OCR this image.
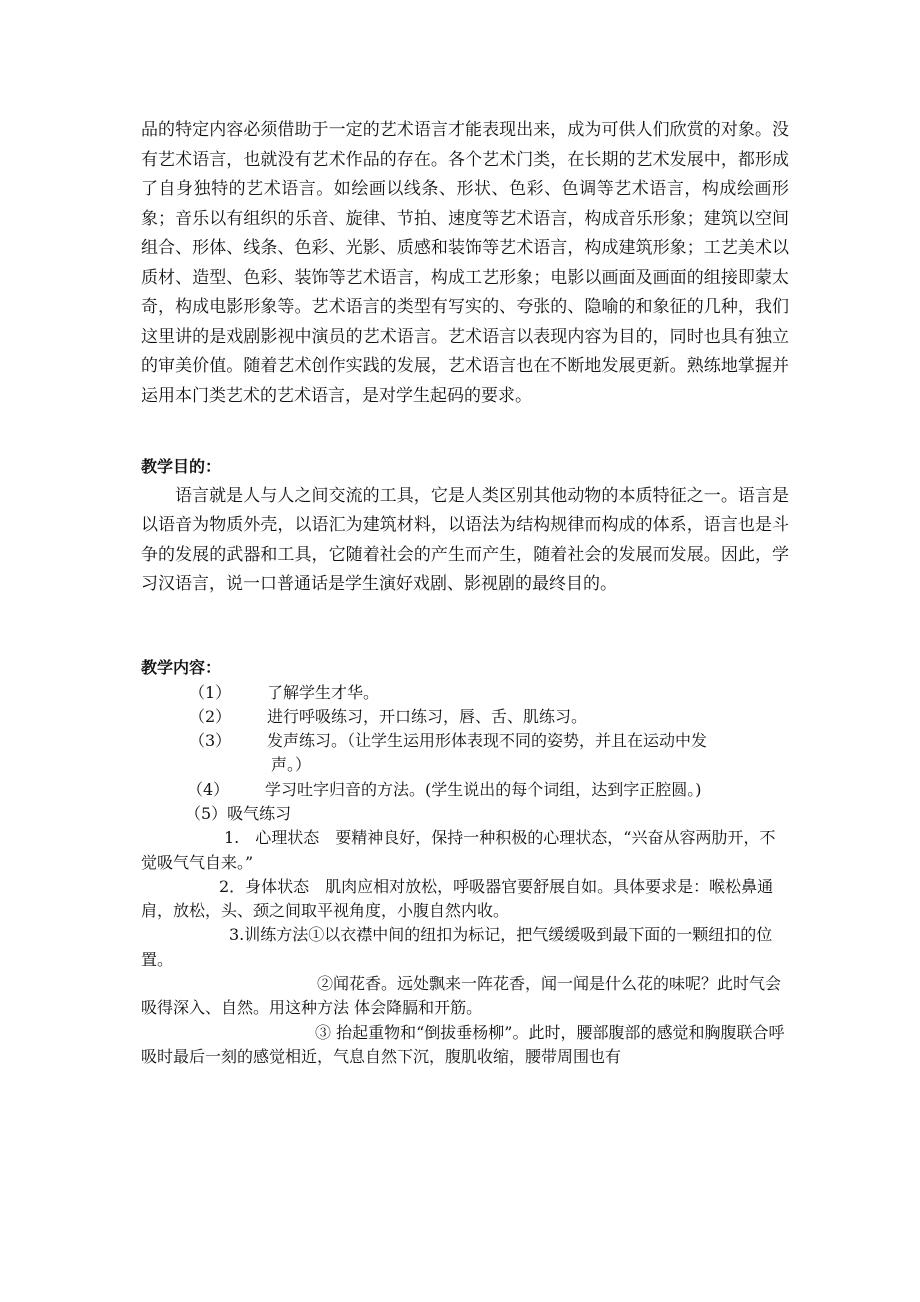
品的特定内容必须借助于一定的艺术语言才能表现出来，成为可供人们欣赏的对象。没有艺术语言，也就没有艺术作品的存在。各个艺术门类，在长期的艺术发展中，都形成了自身独特的艺术语言。如绘画以线条、形状、色彩、色调等艺术语言，构成绘画形象；音乐以有组织的乐音、旋律、节拍、速度等艺术语言，构成音乐形象；建筑以空间组合、形体、线条、色彩、光影、质感和装饰等艺术语言，构成建筑形象；工艺美术以质材、造型、色彩、装饰等艺术语言，构成工艺形象；电影以画面及画面的组接即蒙太奇，构成电影形象等。艺术语言的类型有写实的、夸张的、隐喻的和象征的几种，我们这里讲的是戏剧影视中演员的艺术语言。艺术语言以表现内容为目的，同时也具有独立的审美价值。随着艺术创作实践的发展，艺术语言也在不断地发展更新。熟练地掌握并运用本门类艺术的艺术语言，是对学生起码的要求。

教学目的：

语言就是人与人之间交流的工具，它是人类区别其他动物的本质特征之一。语言是以语音为物质外壳，以语汇为建筑材料，以语法为结构规律而构成的体系，语言也是斗争的发展的武器和工具，它随着社会的产生而产生，随着社会的发展而发展。因此，学习汉语言，说一口普通话是学生演好戏剧、影视剧的最终目的。

教学内容：

（1） 了解学生才华。

（2） 进行呼吸练习，开口练习，唇、舌、肌练习。

（3） 发声练习。（让学生运用形体表现不同的姿势，并且在运动中发
声。）

（4） 学习吐字归音的方法。(学生说出的每个词组，达到字正腔圆。)

（5）吸气练习

1.　心理状态　要精神良好，保持一种积极的心理状态，“兴奋从容两肋开，不觉吸气气自来。”

2．身体状态　肌肉应相对放松，呼吸器官要舒展自如。具体要求是：喉松鼻通肩，放松，头、颈之间取平视角度，小腹自然内收。

3.训练方法①以衣襟中间的纽扣为标记，把气缓缓吸到最下面的一颗纽扣的位置。

②闻花香。远处飘来一阵花香，闻一闻是什么花的味呢？此时气会吸得深入、自然。用这种方法 体会降膈和开筋。

③ 抬起重物和“倒拔垂杨柳”。此时，腰部腹部的感觉和胸腹联合呼吸时最后一刻的感觉相近，气息自然下沉，腹肌收缩，腰带周围也有
